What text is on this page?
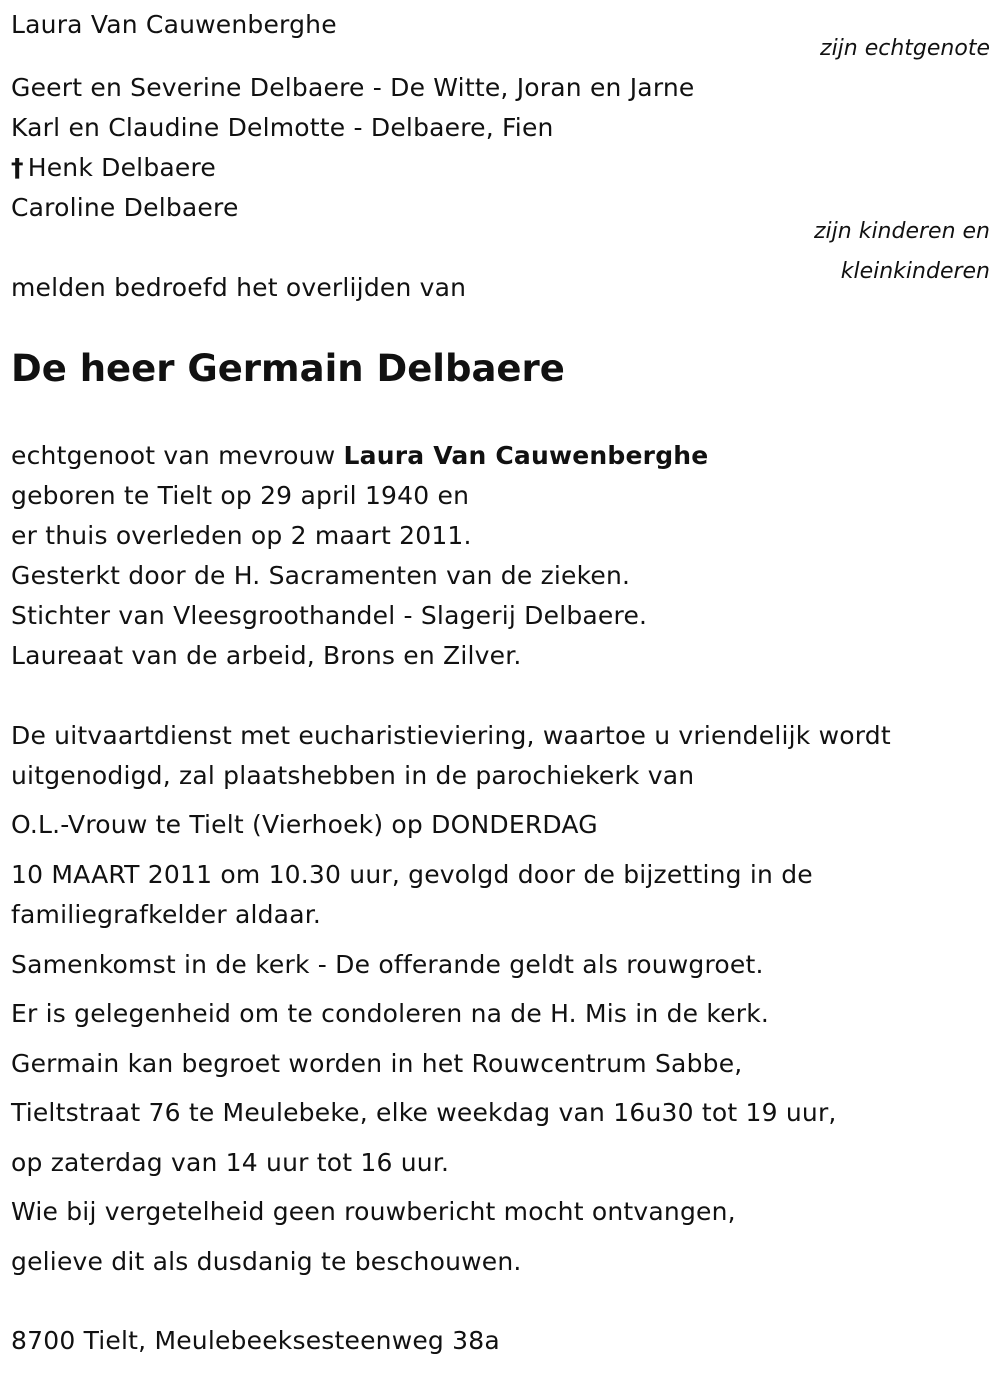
Laura Van Cauwenberghe
zijn echtgenote
Geert en Severine Delbaere - De Witte, Joran en Jarne
Karl en Claudine Delmotte - Delbaere, Fien
† Henk Delbaere
Caroline Delbaere
zijn kinderen en
kleinkinderen
melden bedroefd het overlijden van
De heer Germain Delbaere
echtgenoot van mevrouw Laura Van Cauwenberghe
geboren te Tielt op 29 april 1940 en
er thuis overleden op 2 maart 2011.
Gesterkt door de H. Sacramenten van de zieken.
Stichter van Vleesgroothandel - Slagerij Delbaere.
Laureaat van de arbeid, Brons en Zilver.
De uitvaartdienst met eucharistieviering, waartoe u vriendelijk wordt
uitgenodigd, zal plaatshebben in de parochiekerk van
O.L.-Vrouw te Tielt (Vierhoek) op DONDERDAG
10 MAART 2011 om 10.30 uur, gevolgd door de bijzetting in de
familiegrafkelder aldaar.
Samenkomst in de kerk - De offerande geldt als rouwgroet.
Er is gelegenheid om te condoleren na de H. Mis in de kerk.
Germain kan begroet worden in het Rouwcentrum Sabbe,
Tieltstraat 76 te Meulebeke, elke weekdag van 16u30 tot 19 uur,
op zaterdag van 14 uur tot 16 uur.
Wie bij vergetelheid geen rouwbericht mocht ontvangen,
gelieve dit als dusdanig te beschouwen.
8700 Tielt, Meulebeeksesteenweg 38a
